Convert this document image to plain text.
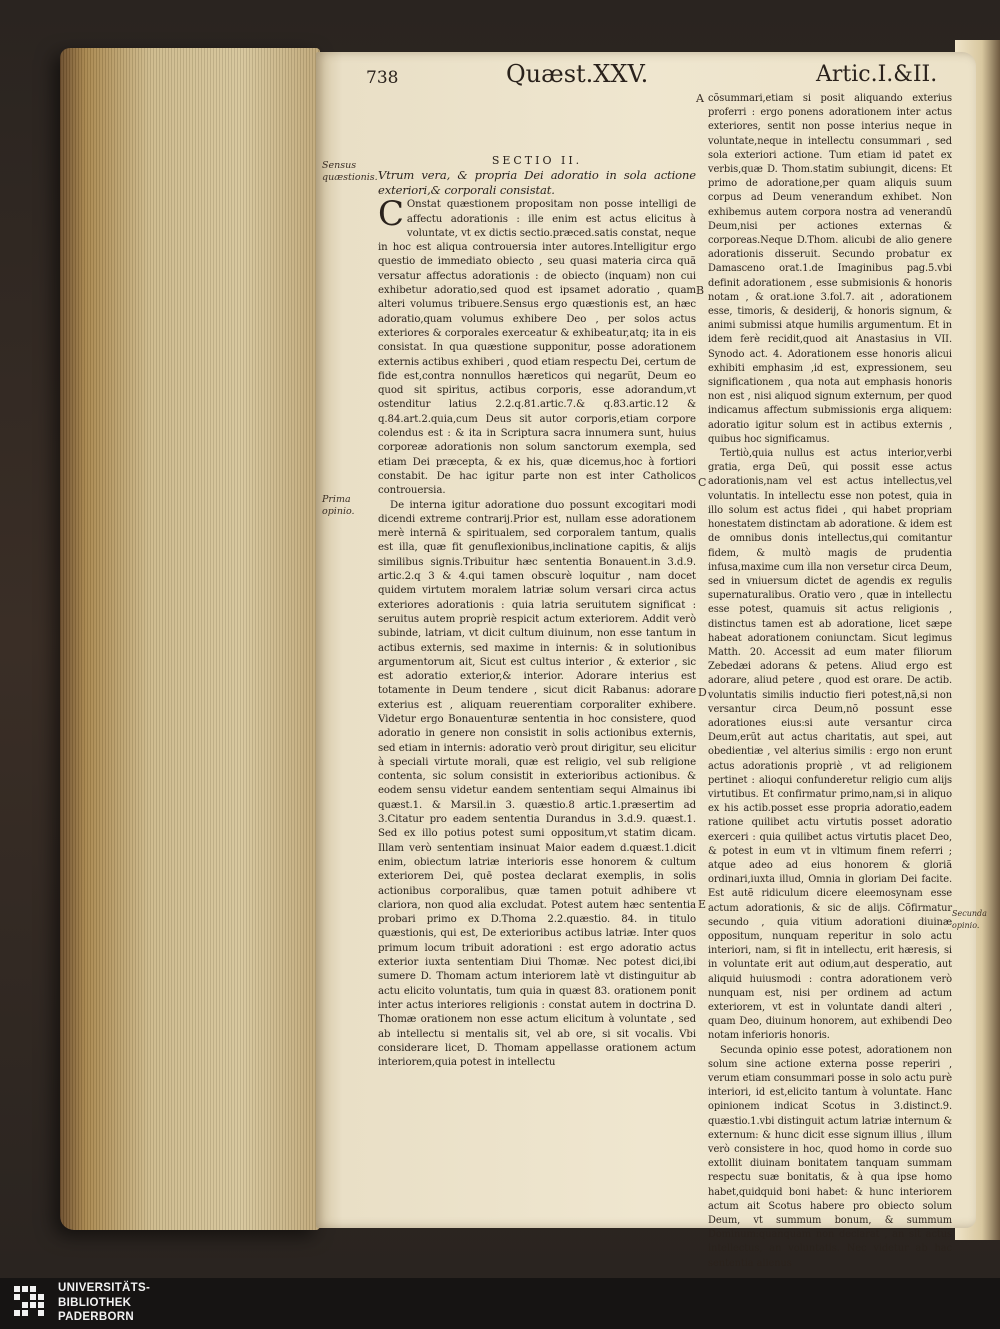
738	Quæst.XXV.	Artic.I.&II.

SECTIO II.

Vtrum vera, & propria Dei adoratio in sola actione exteriori,& corporali consistat.

C Onstat quæstionem propositam non posse intelligi de affectu adorationis : ille enim est actus elicitus à voluntate, vt ex dictis sectio.præced.satis constat, neque in hoc est aliqua controuersia inter autores.Intelligitur ergo questio de immediato obiecto , seu quasi materia circa quã versatur affectus adorationis : de obiecto (inquam) non cui exhibetur adoratio,sed quod est ipsamet adoratio , quam alteri volumus tribuere.Sensus ergo quæstionis est, an hæc adoratio,quam volumus exhibere Deo , per solos actus exteriores & corporales exerceatur & exhibeatur,atq; ita in eis consistat. In qua quæstione supponitur, posse adorationem externis actibus exhiberi , quod etiam respectu Dei, certum de fide est,contra nonnullos hæreticos qui negarũt, Deum eo quod sit spiritus, actibus corporis, esse adorandum,vt ostenditur latius 2.2.q.81.artic.7.& q.83.artic.12 & q.84.art.2.quia,cum Deus sit autor corporis,etiam corpore colendus est : & ita in Scriptura sacra innumera sunt, huius corporeæ adorationis non solum sanctorum exempla, sed etiam Dei præcepta, & ex his, quæ dicemus,hoc à fortiori constabit. De hac igitur parte non est inter Catholicos controuersia.

De interna igitur adoratione duo possunt excogitari modi dicendi extreme contrarij.Prior est, nullam esse adorationem merè internã & spiritualem, sed corporalem tantum, qualis est illa, quæ fit genuflexionibus,inclinatione capitis, & alijs similibus signis.Tribuitur hæc sententia Bonauent.in 3.d.9. artic.2.q 3 & 4.qui tamen obscurè loquitur , nam docet quidem virtutem moralem latriæ solum versari circa actus exteriores adorationis : quia latria seruitutem significat : seruitus autem propriè respicit actum exteriorem. Addit verò subinde, latriam, vt dicit cultum diuinum, non esse tantum in actibus externis, sed maxime in internis: & in solutionibus argumentorum ait, Sicut est cultus interior , & exterior , sic est adoratio exterior,& interior. Adorare interius est totamente in Deum tendere , sicut dicit Rabanus: adorare exterius est , aliquam reuerentiam corporaliter exhibere. Videtur ergo Bonauenturæ sententia in hoc consistere, quod adoratio in genere non consistit in solis actionibus externis, sed etiam in internis: adoratio verò prout dirigitur, seu elicitur à speciali virtute morali, quæ est religio, vel sub religione contenta, sic solum consistit in exterioribus actionibus. & eodem sensu videtur eandem sententiam sequi Almainus ibi quæst.1. & Marsil.in 3. quæstio.8 artic.1.præsertim ad 3.Citatur pro eadem sententia Durandus in 3.d.9. quæst.1. Sed ex illo potius potest sumi oppositum,vt statim dicam. Illam verò sententiam insinuat Maior eadem d.quæst.1.dicit enim, obiectum latriæ interioris esse honorem & cultum exteriorem Dei, quē postea declarat exemplis, in solis actionibus corporalibus, quæ tamen potuit adhibere vt clariora, non quod alia excludat. Potest autem hæc sententia probari primo ex D.Thoma 2.2.quæstio. 84. in titulo quæstionis, qui est, De exterioribus actibus latriæ. Inter quos primum locum tribuit adorationi : est ergo adoratio actus exterior iuxta sententiam Diui Thomæ. Nec potest dici,ibi sumere D. Thomam actum interiorem latè vt distinguitur ab actu elicito voluntatis, tum quia in quæst 83. orationem ponit inter actus interiores religionis : constat autem in doctrina D. Thomæ orationem non esse actum elicitum à voluntate , sed ab intellectu si mentalis sit, vel ab ore, si sit vocalis. Vbi considerare licet, D. Thomam appellasse orationem actum interiorem,quia potest in intellectu

cõsummari,etiam si posit aliquando exterius proferri : ergo ponens adorationem inter actus exteriores, sentit non posse interius neque in voluntate,neque in intellectu consummari , sed sola exteriori actione. Tum etiam id patet ex verbis,quæ D. Thom.statim subiungit, dicens: Et primo de adoratione,per quam aliquis suum corpus ad Deum venerandum exhibet. Non exhibemus autem corpora nostra ad venerandũ Deum,nisi per actiones externas & corporeas.Neque D.Thom. alicubi de alio genere adorationis disseruit. Secundo probatur ex Damasceno orat.1.de Imaginibus pag.5.vbi definit adorationem , esse submisionis & honoris notam , & orat.ione 3.fol.7. ait , adorationem esse, timoris, & desiderij, & honoris signum, & animi submissi atque humilis argumentum. Et in idem ferè recidit,quod ait Anastasius in VII. Synodo act. 4. Adorationem esse honoris alicui exhibiti emphasim ,id est, expressionem, seu significationem , qua nota aut emphasis honoris non est , nisi aliquod signum externum, per quod indicamus affectum submissionis erga aliquem: adoratio igitur solum est in actibus externis , quibus hoc significamus.

Tertiò,quia nullus est actus interior,verbi gratia, erga Deũ, qui possit esse actus adorationis,nam vel est actus intellectus,vel voluntatis. In intellectu esse non potest, quia in illo solum est actus fidei , qui habet propriam honestatem distinctam ab adoratione. & idem est de omnibus donis intellectus,qui comitantur fidem, & multò magis de prudentia infusa,maxime cum illa non versetur circa Deum, sed in vniuersum dictet de agendis ex regulis supernaturalibus. Oratio vero , quæ in intellectu esse potest, quamuis sit actus religionis , distinctus tamen est ab adoratione, licet sæpe habeat adorationem coniunctam. Sicut legimus Matth. 20. Accessit ad eum mater filiorum Zebedæi adorans & petens. Aliud ergo est adorare, aliud petere , quod est orare. De actib. voluntatis similis inductio fieri potest,nã,si non versantur circa Deum,nõ possunt esse adorationes eius:si aute versantur circa Deum,erũt aut actus charitatis, aut spei, aut obedientiæ , vel alterius similis : ergo non erunt actus adorationis propriè , vt ad religionem pertinet : alioqui confunderetur religio cum alijs virtutibus. Et confirmatur primo,nam,si in aliquo ex his actib.posset esse propria adoratio,eadem ratione quilibet actu virtutis posset adoratio exerceri : quia quilibet actus virtutis placet Deo, & potest in eum vt in vltimum finem referri ; atque adeo ad eius honorem & gloriã ordinari,iuxta illud, Omnia in gloriam Dei facite. Est autẽ ridiculum dicere eleemosynam esse actum adorationis, & sic de alijs. Cõfirmatur secundo , quia vitium adorationi diuinæ oppositum, nunquam reperitur in solo actu interiori, nam, si fit in intellectu, erit hæresis, si in voluntate erit aut odium,aut desperatio, aut aliquid huiusmodi : contra adorationem verò nunquam est, nisi per ordinem ad actum exteriorem, vt est in voluntate dandi alteri , quam Deo, diuinum honorem, aut exhibendi Deo notam inferioris honoris.

Secunda opinio esse potest, adorationem non solum sine actione externa posse reperiri , verum etiam consummari posse in solo actu purè interiori, id est,elicito tantum à voluntate. Hanc opinionem indicat Scotus in 3.distinct.9. quæstio.1.vbi distinguit actum latriæ internum & externum: & hunc dicit esse signum illius , illum verò consistere in hoc, quod homo in corde suo extollit diuinam bonitatem tanquam summam respectu suæ bonitatis, & à qua ipse homo habet,quidquid boni habet: & hunc interiorem actum ait Scotus habere pro obiecto solum Deum, vt summum bonum, & summum Dominum:quanquam non declarat , an sit actus intellectus, an voluntatis. Nec videtur ab hac sententia alienus

Sensus quæstionis.
Prima opinio.
Secunda opinio.
A
B
C
D
E
UNIVERSITÄTS-
BIBLIOTHEK
PADERBORN
